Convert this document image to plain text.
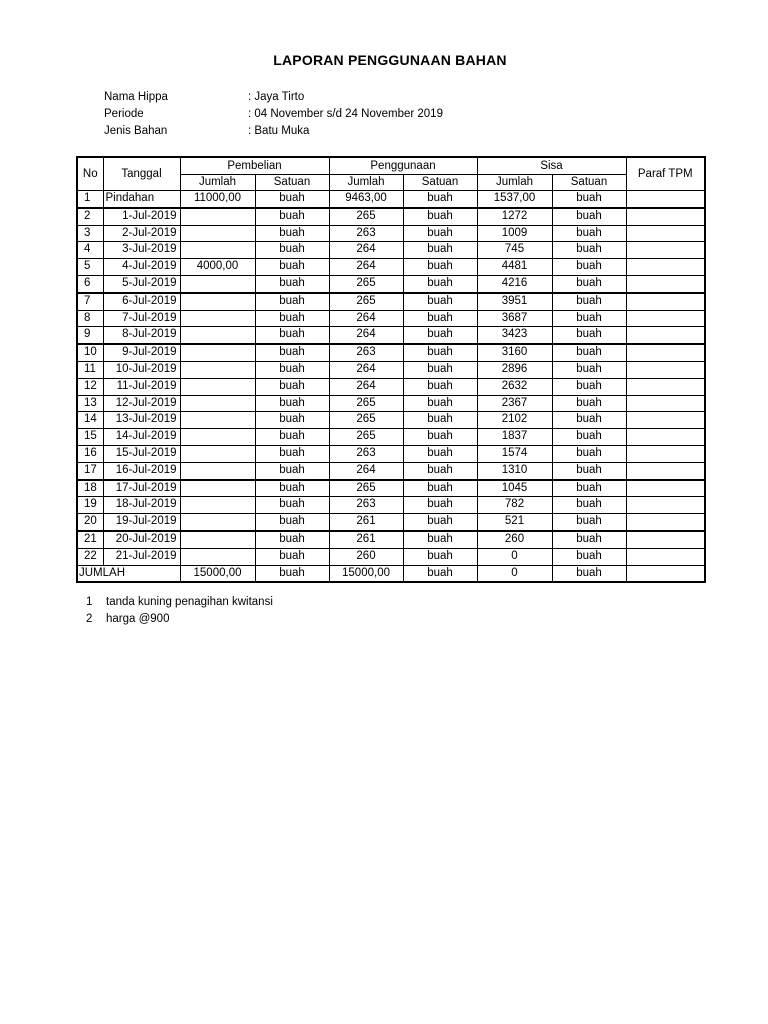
LAPORAN PENGGUNAAN BAHAN
Nama Hippa	: Jaya Tirto
Periode	: 04 November s/d 24 November 2019
Jenis Bahan	: Batu Muka
No	Tanggal	Pembelian		Penggunaan		Sisa		Paraf TPM
		Jumlah	Satuan	Jumlah	Satuan	Jumlah	Satuan	
1	Pindahan	11000,00	buah	9463,00	buah	1537,00	buah	
2	1-Jul-2019		buah	265	buah	1272	buah	
3	2-Jul-2019		buah	263	buah	1009	buah	
4	3-Jul-2019		buah	264	buah	745	buah	
5	4-Jul-2019	4000,00	buah	264	buah	4481	buah	
6	5-Jul-2019		buah	265	buah	4216	buah	
7	6-Jul-2019		buah	265	buah	3951	buah	
8	7-Jul-2019		buah	264	buah	3687	buah	
9	8-Jul-2019		buah	264	buah	3423	buah	
10	9-Jul-2019		buah	263	buah	3160	buah	
11	10-Jul-2019		buah	264	buah	2896	buah	
12	11-Jul-2019		buah	264	buah	2632	buah	
13	12-Jul-2019		buah	265	buah	2367	buah	
14	13-Jul-2019		buah	265	buah	2102	buah	
15	14-Jul-2019		buah	265	buah	1837	buah	
16	15-Jul-2019		buah	263	buah	1574	buah	
17	16-Jul-2019		buah	264	buah	1310	buah	
18	17-Jul-2019		buah	265	buah	1045	buah	
19	18-Jul-2019		buah	263	buah	782	buah	
20	19-Jul-2019		buah	261	buah	521	buah	
21	20-Jul-2019		buah	261	buah	260	buah	
22	21-Jul-2019		buah	260	buah	0	buah	
JUMLAH		15000,00	buah	15000,00	buah	0	buah	
1	tanda kuning penagihan kwitansi
2	harga @900
